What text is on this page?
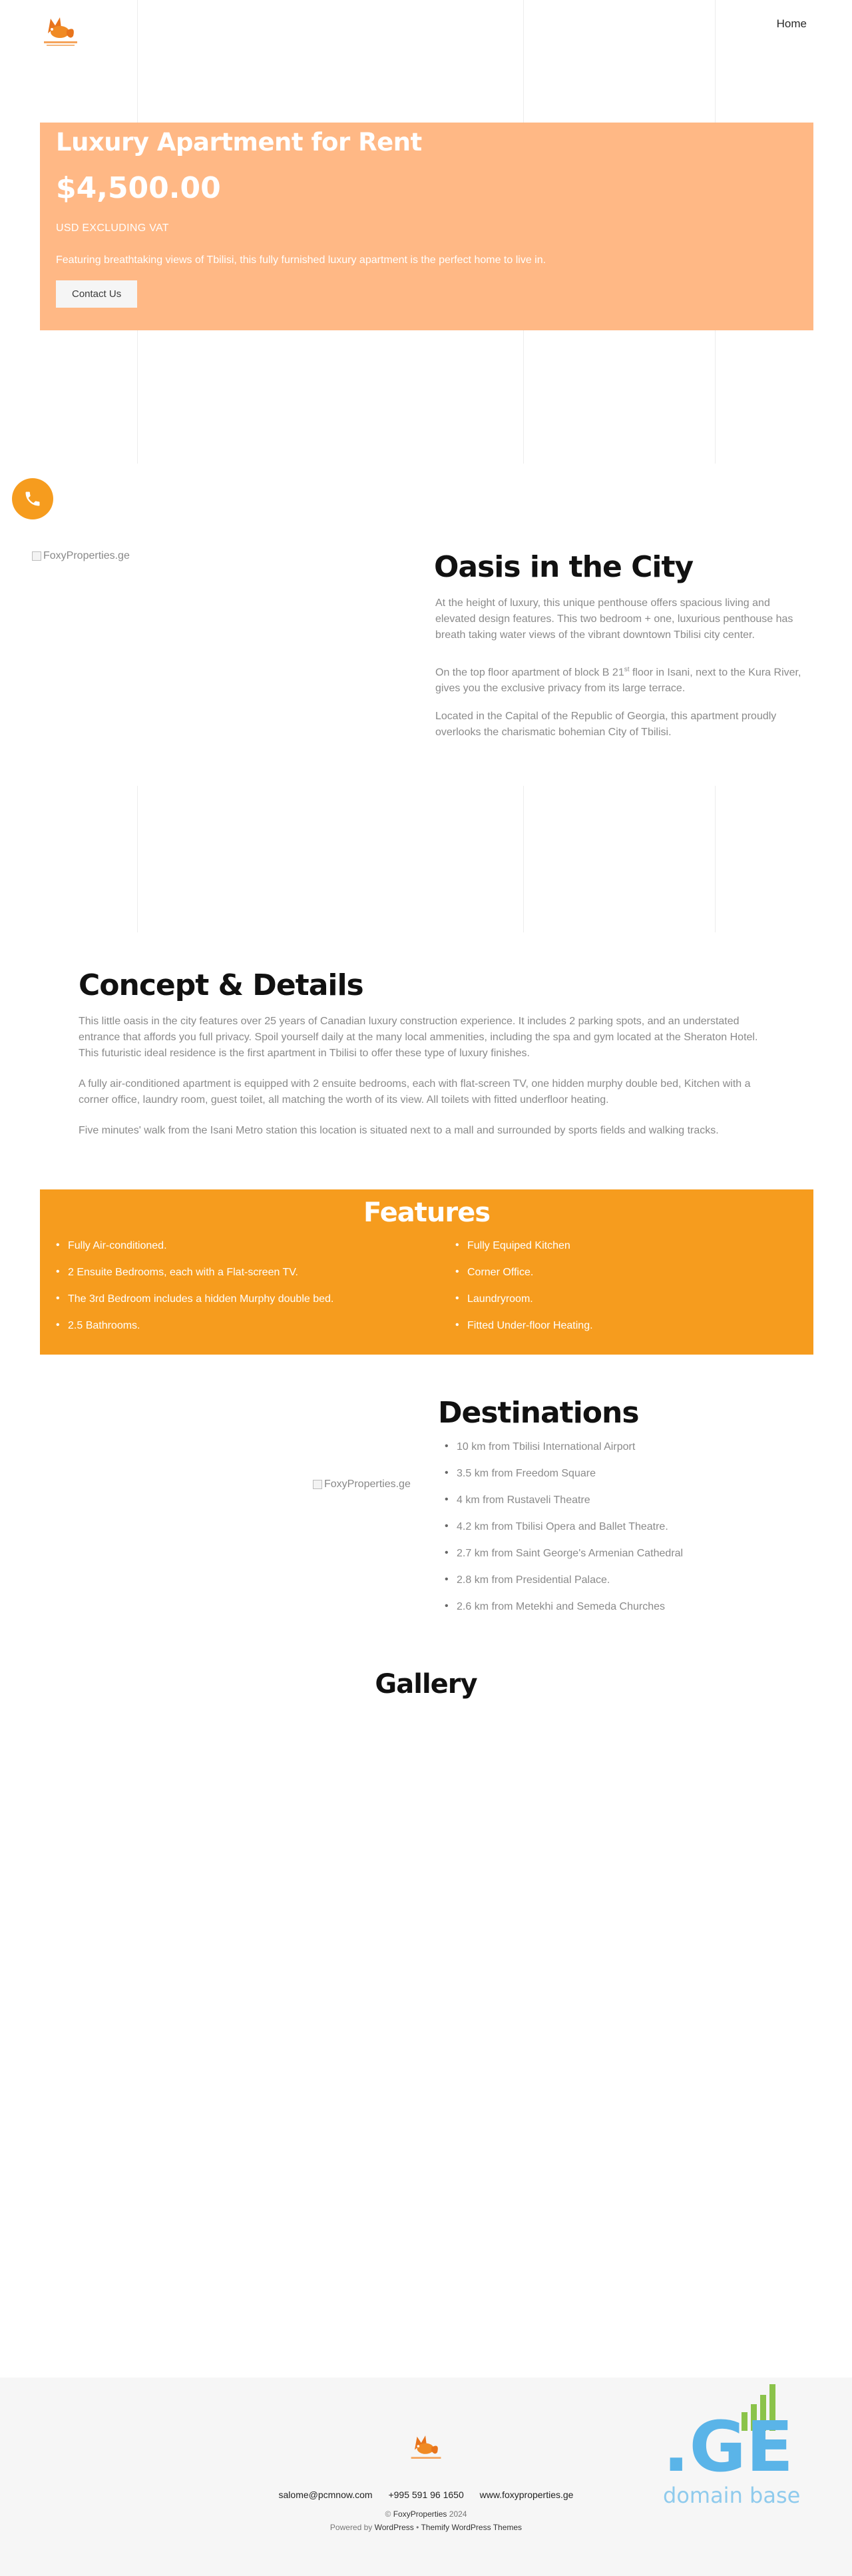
Home
Luxury Apartment for Rent
$4,500.00
USD EXCLUDING VAT

Featuring breathtaking views of Tbilisi, this fully furnished luxury apartment is the perfect home to live in.

Contact Us
FoxyProperties.ge	Oasis in the City

At the height of luxury, this unique penthouse offers spacious living and elevated design features. This two bedroom + one, luxurious penthouse has breath taking water views of the vibrant downtown Tbilisi city center.

On the top floor apartment of block B 21st floor in Isani, next to the Kura River, gives you the exclusive privacy from its large terrace.

Located in the Capital of the Republic of Georgia, this apartment proudly overlooks the charismatic bohemian City of Tbilisi.

Concept & Details

This little oasis in the city features over 25 years of Canadian luxury construction experience. It includes 2 parking spots, and an understated entrance that affords you full privacy. Spoil yourself daily at the many local ammenities, including the spa and gym located at the Sheraton Hotel. This futuristic ideal residence is the first apartment in Tbilisi to offer these type of luxury finishes.

A fully air-conditioned apartment is equipped with 2 ensuite bedrooms, each with flat-screen TV, one hidden murphy double bed, Kitchen with a corner office, laundry room, guest toilet, all matching the worth of its view. All toilets with fitted underfloor heating.

Five minutes' walk from the Isani Metro station this location is situated next to a mall and surrounded by sports fields and walking tracks.

Features
• Fully Air-conditioned.
• 2 Ensuite Bedrooms, each with a Flat-screen TV.
• The 3rd Bedroom includes a hidden Murphy double bed.
• 2.5 Bathrooms.
• Fully Equiped Kitchen
• Corner Office.
• Laundryroom.
• Fitted Under-floor Heating.
FoxyProperties.ge
Destinations
• 10 km from Tbilisi International Airport
• 3.5 km from Freedom Square
• 4 km from Rustaveli Theatre
• 4.2 km from Tbilisi Opera and Ballet Theatre.
• 2.7 km from Saint George's Armenian Cathedral
• 2.8 km from Presidential Palace.
• 2.6 km from Metekhi and Semeda Churches
Gallery
salome@pcmnow.com +995 591 96 1650 www.foxyproperties.ge
© FoxyProperties 2024
Powered by WordPress • Themify WordPress Themes
.GE
domain base
